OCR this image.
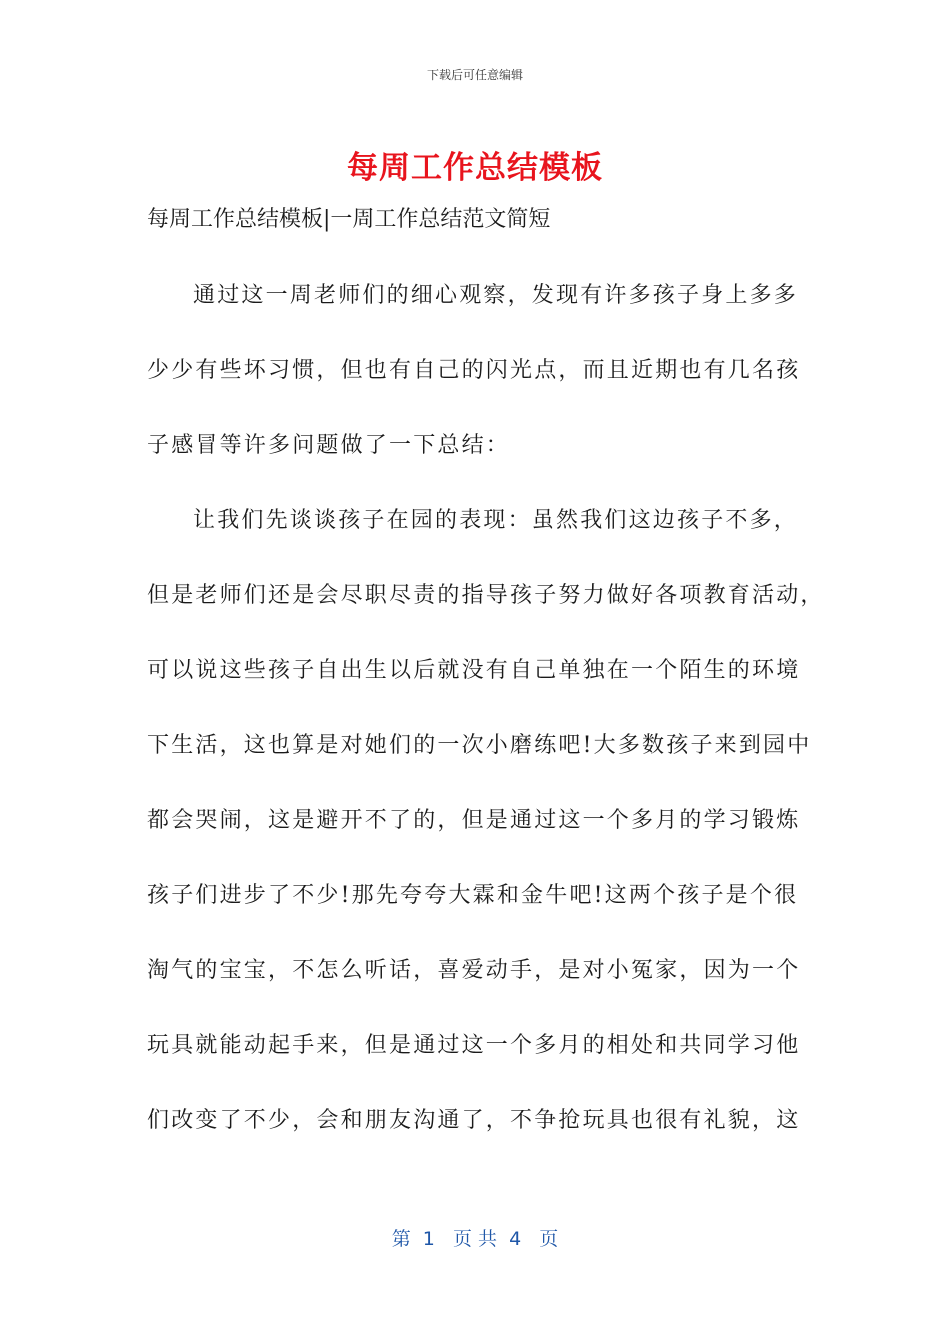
下载后可任意编辑
每周工作总结模板
每周工作总结模板|一周工作总结范文简短
通过这一周老师们的细心观察，发现有许多孩子身上多多
少少有些坏习惯，但也有自己的闪光点，而且近期也有几名孩
子感冒等许多问题做了一下总结：
让我们先谈谈孩子在园的表现：虽然我们这边孩子不多，
但是老师们还是会尽职尽责的指导孩子努力做好各项教育活动，
可以说这些孩子自出生以后就没有自己单独在一个陌生的环境
下生活，这也算是对她们的一次小磨练吧!大多数孩子来到园中
都会哭闹，这是避开不了的，但是通过这一个多月的学习锻炼
孩子们进步了不少!那先夸夸大霖和金牛吧!这两个孩子是个很
淘气的宝宝，不怎么听话，喜爱动手，是对小冤家，因为一个
玩具就能动起手来，但是通过这一个多月的相处和共同学习他
们改变了不少，会和朋友沟通了，不争抢玩具也很有礼貌，这
第  1   页 共  4   页
